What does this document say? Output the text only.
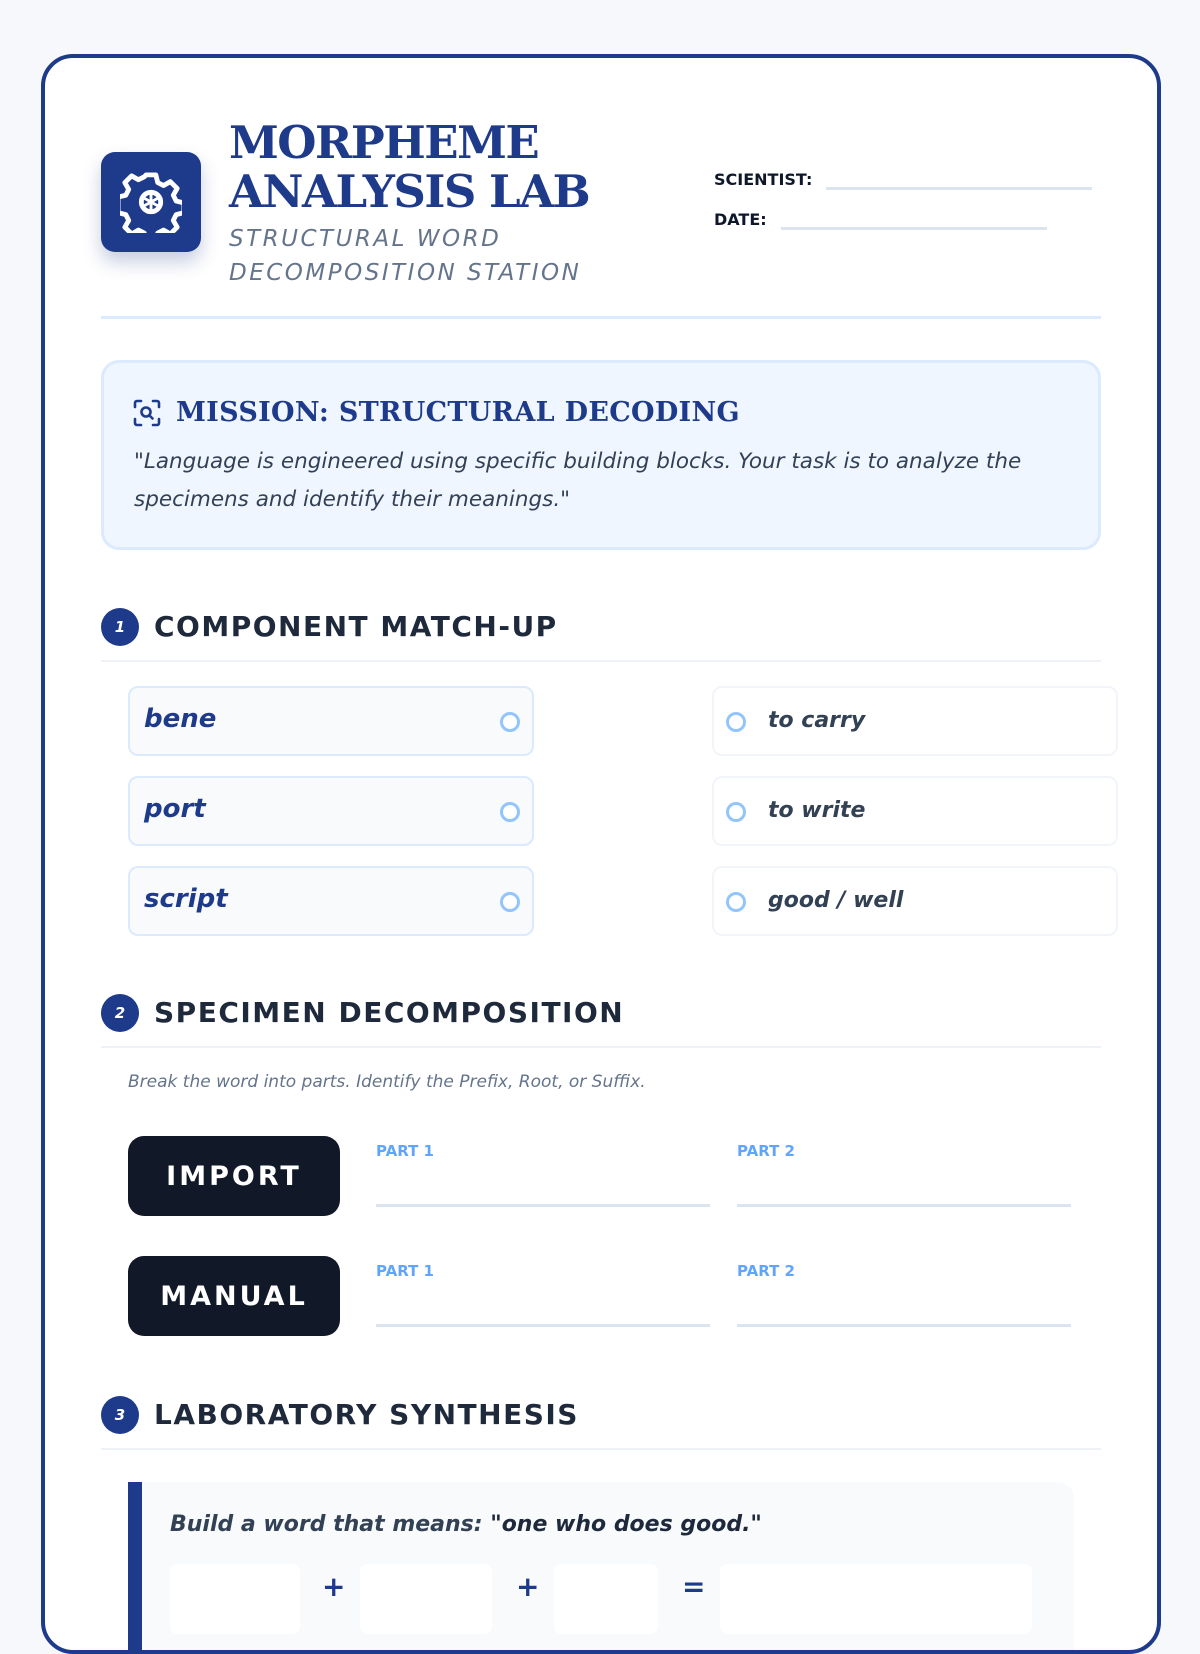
MORPHEME ANALYSIS LAB
STRUCTURAL WORD DECOMPOSITION STATION
SCIENTIST:
DATE:
MISSION: STRUCTURAL DECODING
"Language is engineered using specific building blocks. Your task is to analyze the specimens and identify their meanings."
1	COMPONENT MATCH-UP
bene
port
script
to carry
to write
good / well
2	SPECIMEN DECOMPOSITION
Break the word into parts. Identify the Prefix, Root, or Suffix.
IMPORT
PART 1	PART 2
MANUAL
PART 1	PART 2
3	LABORATORY SYNTHESIS
Build a word that means: "one who does good."
+	+	=
